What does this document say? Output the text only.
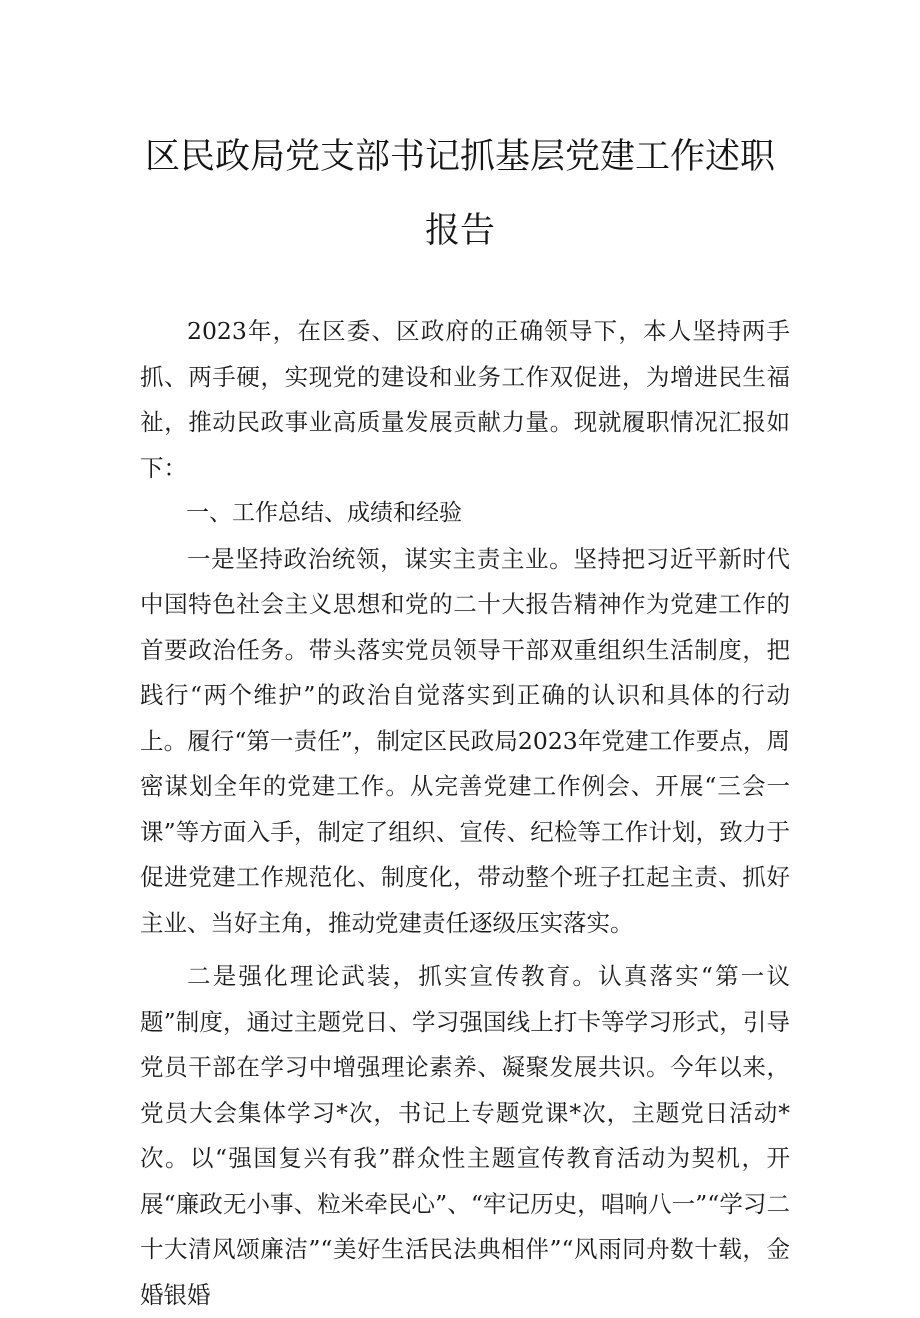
区民政局党支部书记抓基层党建工作述职
报告

2023年，在区委、区政府的正确领导下，本人坚持两手抓、两手硬，实现党的建设和业务工作双促进，为增进民生福祉，推动民政事业高质量发展贡献力量。现就履职情况汇报如下：

一、工作总结、成绩和经验

一是坚持政治统领，谋实主责主业。坚持把习近平新时代中国特色社会主义思想和党的二十大报告精神作为党建工作的首要政治任务。带头落实党员领导干部双重组织生活制度，把践行“两个维护”的政治自觉落实到正确的认识和具体的行动上。履行“第一责任”，制定区民政局2023年党建工作要点，周密谋划全年的党建工作。从完善党建工作例会、开展“三会一课”等方面入手，制定了组织、宣传、纪检等工作计划，致力于促进党建工作规范化、制度化，带动整个班子扛起主责、抓好主业、当好主角，推动党建责任逐级压实落实。

二是强化理论武装，抓实宣传教育。认真落实“第一议题”制度，通过主题党日、学习强国线上打卡等学习形式，引导党员干部在学习中增强理论素养、凝聚发展共识。今年以来，党员大会集体学习*次，书记上专题党课*次，主题党日活动*次。以“强国复兴有我”群众性主题宣传教育活动为契机，开展“廉政无小事、粒米牵民心”、“牢记历史，唱响八一”“学习二十大清风颂廉洁”“美好生活民法典相伴”“风雨同舟数十载，金婚银婚
